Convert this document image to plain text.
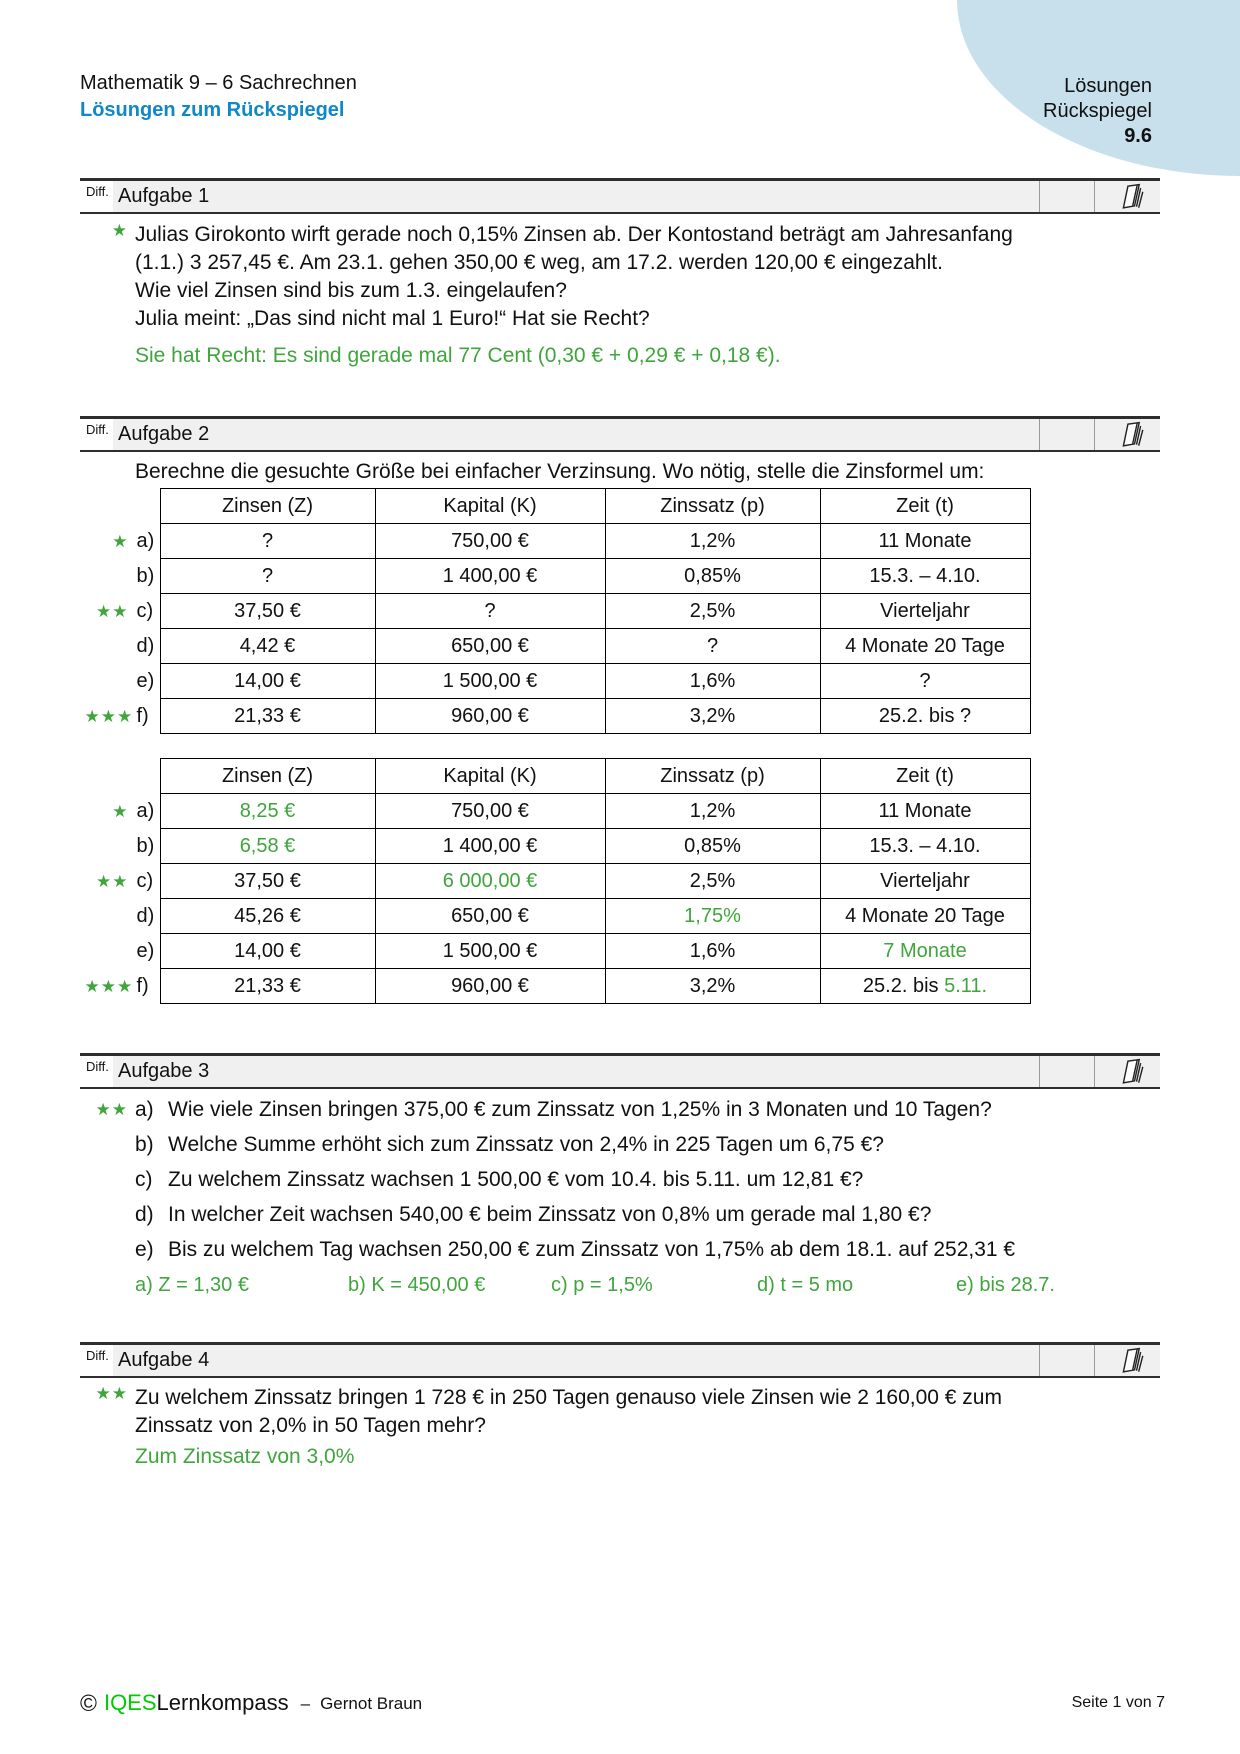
Lösungen
Rückspiegel
9.6
Mathematik 9 – 6 Sachrechnen
Lösungen zum Rückspiegel
Diff. Aufgabe 1
★ Julias Girokonto wirft gerade noch 0,15% Zinsen ab. Der Kontostand beträgt am Jahresanfang
(1.1.) 3 257,45 €. Am 23.1. gehen 350,00 € weg, am 17.2. werden 120,00 € eingezahlt.
Wie viel Zinsen sind bis zum 1.3. eingelaufen?
Julia meint: „Das sind nicht mal 1 Euro!“ Hat sie Recht?
Sie hat Recht: Es sind gerade mal 77 Cent (0,30 € + 0,29 € + 0,18 €).
Diff. Aufgabe 2
Berechne die gesuchte Größe bei einfacher Verzinsung. Wo nötig, stelle die Zinsformel um:
	Zinsen (Z)	Kapital (K)	Zinssatz (p)	Zeit (t)
★ a)	?	750,00 €	1,2%	11 Monate
b)	?	1 400,00 €	0,85%	15.3. – 4.10.
★★ c)	37,50 €	?	2,5%	Vierteljahr
d)	4,42 €	650,00 €	?	4 Monate 20 Tage
e)	14,00 €	1 500,00 €	1,6%	?
★★★ f)	21,33 €	960,00 €	3,2%	25.2. bis ?
	Zinsen (Z)	Kapital (K)	Zinssatz (p)	Zeit (t)
★ a)	8,25 €	750,00 €	1,2%	11 Monate
b)	6,58 €	1 400,00 €	0,85%	15.3. – 4.10.
★★ c)	37,50 €	6 000,00 €	2,5%	Vierteljahr
d)	45,26 €	650,00 €	1,75%	4 Monate 20 Tage
e)	14,00 €	1 500,00 €	1,6%	7 Monate
★★★ f)	21,33 €	960,00 €	3,2%	25.2. bis 5.11.
Diff. Aufgabe 3
★★ a) Wie viele Zinsen bringen 375,00 € zum Zinssatz von 1,25% in 3 Monaten und 10 Tagen?
b) Welche Summe erhöht sich zum Zinssatz von 2,4% in 225 Tagen um 6,75 €?
c) Zu welchem Zinssatz wachsen 1 500,00 € vom 10.4. bis 5.11. um 12,81 €?
d) In welcher Zeit wachsen 540,00 € beim Zinssatz von 0,8% um gerade mal 1,80 €?
e) Bis zu welchem Tag wachsen 250,00 € zum Zinssatz von 1,75% ab dem 18.1. auf 252,31 €
a) Z = 1,30 €	b) K = 450,00 €	c) p = 1,5%	d) t = 5 mo	e) bis 28.7.
Diff. Aufgabe 4
★★ Zu welchem Zinssatz bringen 1 728 € in 250 Tagen genauso viele Zinsen wie 2 160,00 € zum
Zinssatz von 2,0% in 50 Tagen mehr?
Zum Zinssatz von 3,0%
© IQES Lernkompass – Gernot Braun	Seite 1 von 7
